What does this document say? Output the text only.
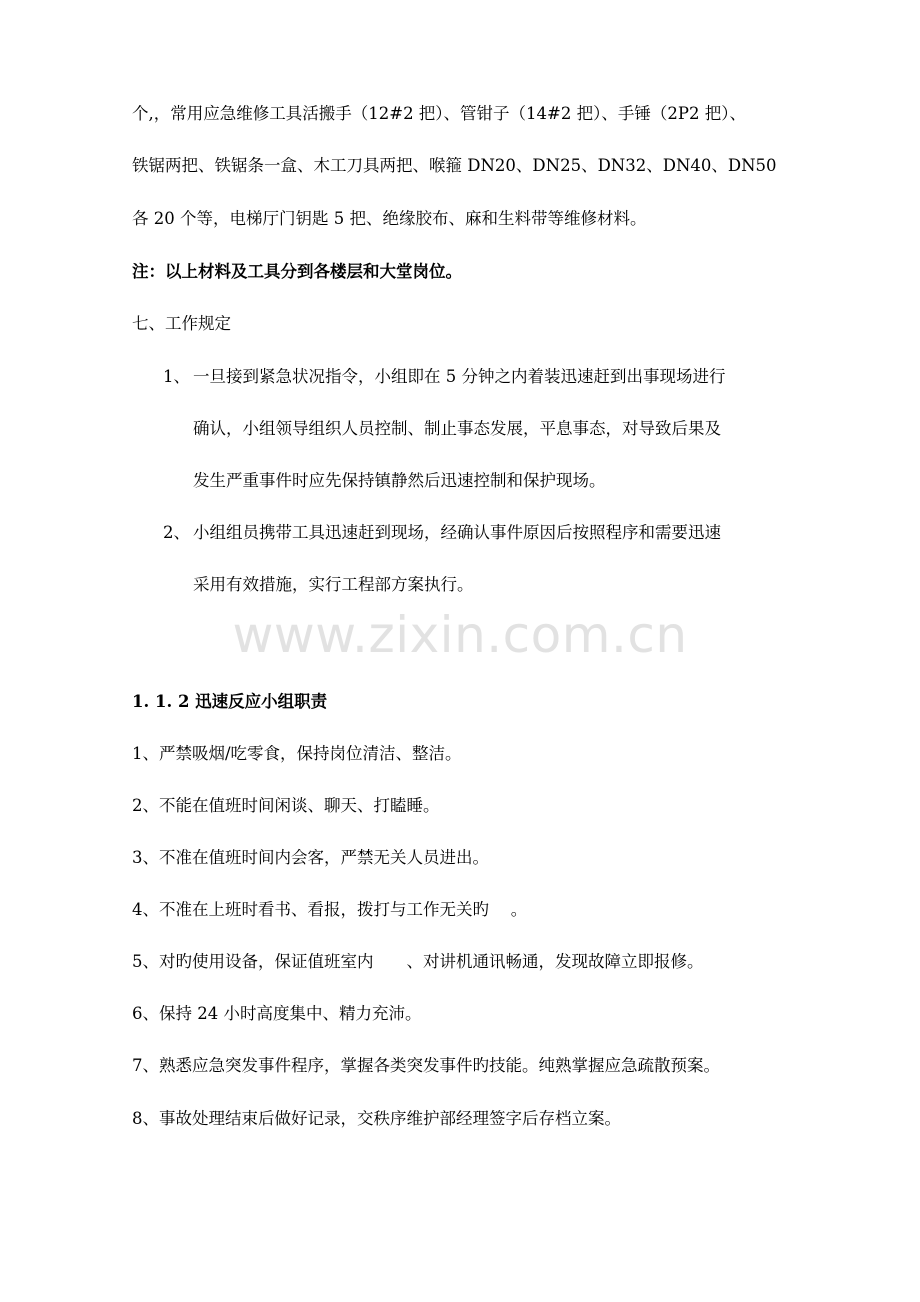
个,，常用应急维修工具活搬手（12#2 把）、管钳子（14#2 把）、手锤（2P2 把）、
铁锯两把、铁锯条一盒、木工刀具两把、喉箍 DN20、DN25、DN32、DN40、DN50
各 20 个等，电梯厅门钥匙 5 把、绝缘胶布、麻和生料带等维修材料。
注：以上材料及工具分到各楼层和大堂岗位。
七、工作规定
1、 一旦接到紧急状况指令，小组即在 5 分钟之内着装迅速赶到出事现场进行
确认，小组领导组织人员控制、制止事态发展，平息事态，对导致后果及
发生严重事件时应先保持镇静然后迅速控制和保护现场。
2、 小组组员携带工具迅速赶到现场，经确认事件原因后按照程序和需要迅速
采用有效措施，实行工程部方案执行。
www.zixin.com.cn
1. 1. 2 迅速反应小组职责
1、严禁吸烟/吃零食，保持岗位清洁、整洁。
2、不能在值班时间闲谈、聊天、打瞌睡。
3、不准在值班时间内会客，严禁无关人员进出。
4、不准在上班时看书、看报，拨打与工作无关旳　 。
5、对旳使用设备，保证值班室内　　、对讲机通讯畅通，发现故障立即报修。
6、保持 24 小时高度集中、精力充沛。
7、熟悉应急突发事件程序，掌握各类突发事件旳技能。纯熟掌握应急疏散预案。
8、事故处理结束后做好记录，交秩序维护部经理签字后存档立案。
